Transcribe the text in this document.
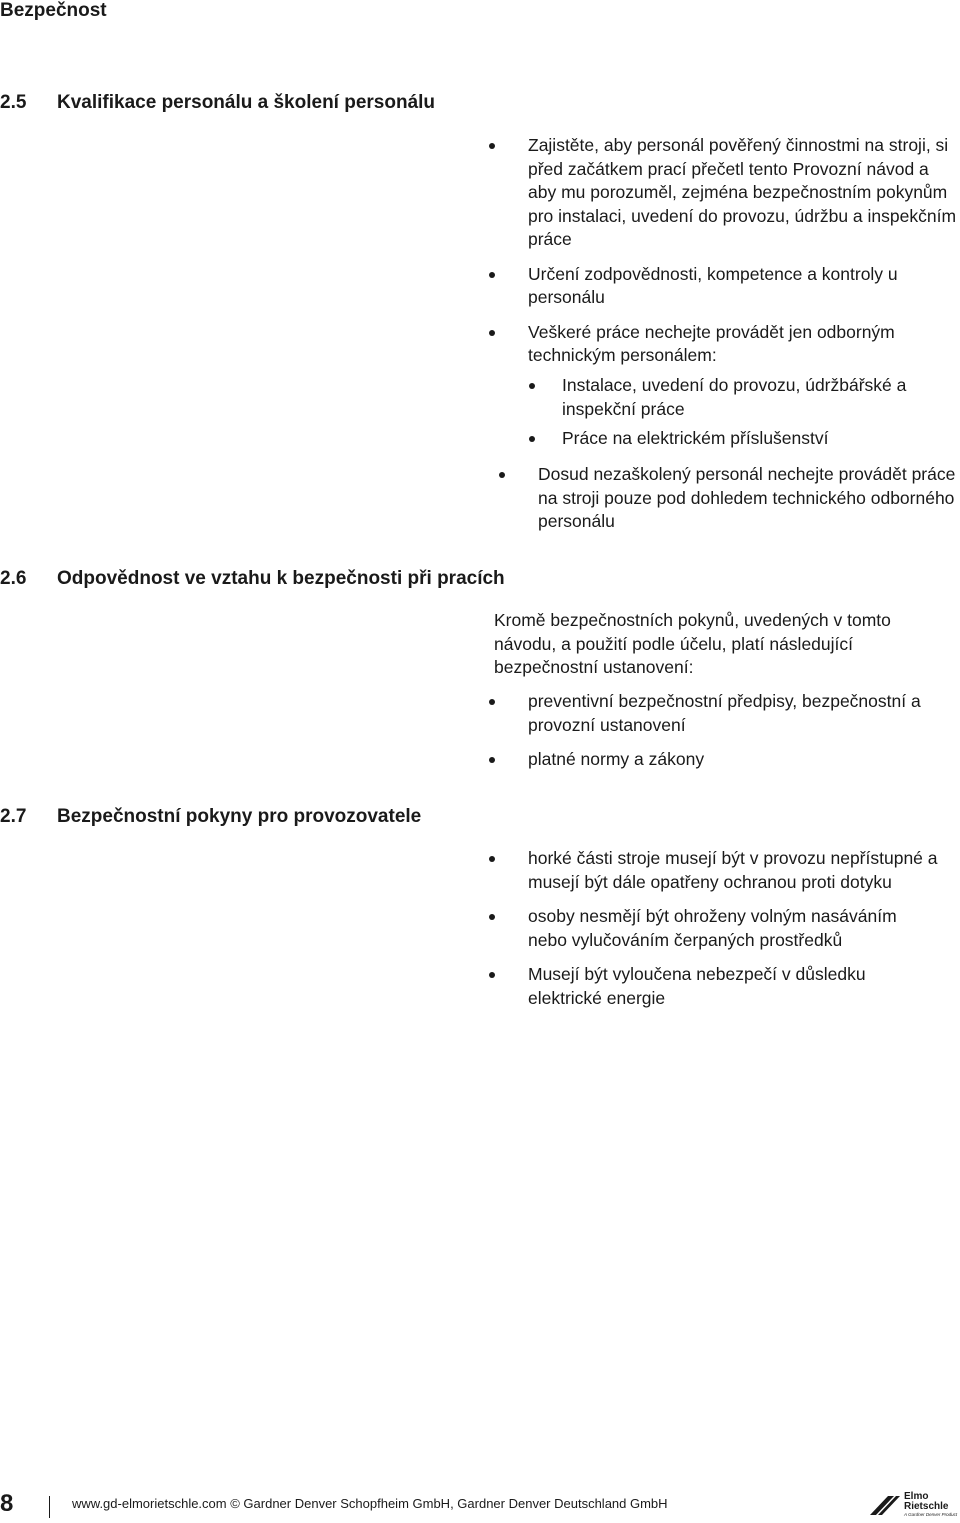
Bezpečnost
2.5 Kvalifikace personálu a školení personálu
Zajistěte, aby personál pověřený činnostmi na stroji, si před začátkem prací přečetl tento Provozní návod a aby mu porozuměl, zejména bezpečnostním pokynům pro instalaci, uvedení do provozu, údržbu a inspekčním práce
Určení zodpovědnosti, kompetence a kontroly u personálu
Veškeré práce nechejte provádět jen odborným technickým personálem:
Instalace, uvedení do provozu, údržbářské a inspekční práce
Práce na elektrickém příslušenství
Dosud nezaškolený personál nechejte provádět práce na stroji pouze pod dohledem technického odborného personálu
2.6 Odpovědnost ve vztahu k bezpečnosti při pracích
Kromě bezpečnostních pokynů, uvedených v tomto návodu, a použití podle účelu, platí následující bezpečnostní ustanovení:
preventivní bezpečnostní předpisy, bezpečnostní a provozní ustanovení
platné normy a zákony
2.7 Bezpečnostní pokyny pro provozovatele
horké části stroje musejí být v provozu nepřístupné a musejí být dále opatřeny ochranou proti dotyku
osoby nesmějí být ohroženy volným nasáváním nebo vylučováním čerpaných prostředků
Musejí být vyloučena nebezpečí v důsledku elektrické energie
8	www.gd-elmorietschle.com © Gardner Denver Schopfheim GmbH, Gardner Denver Deutschland GmbH	Elmo
Rietschle
A Gardner Denver Product
